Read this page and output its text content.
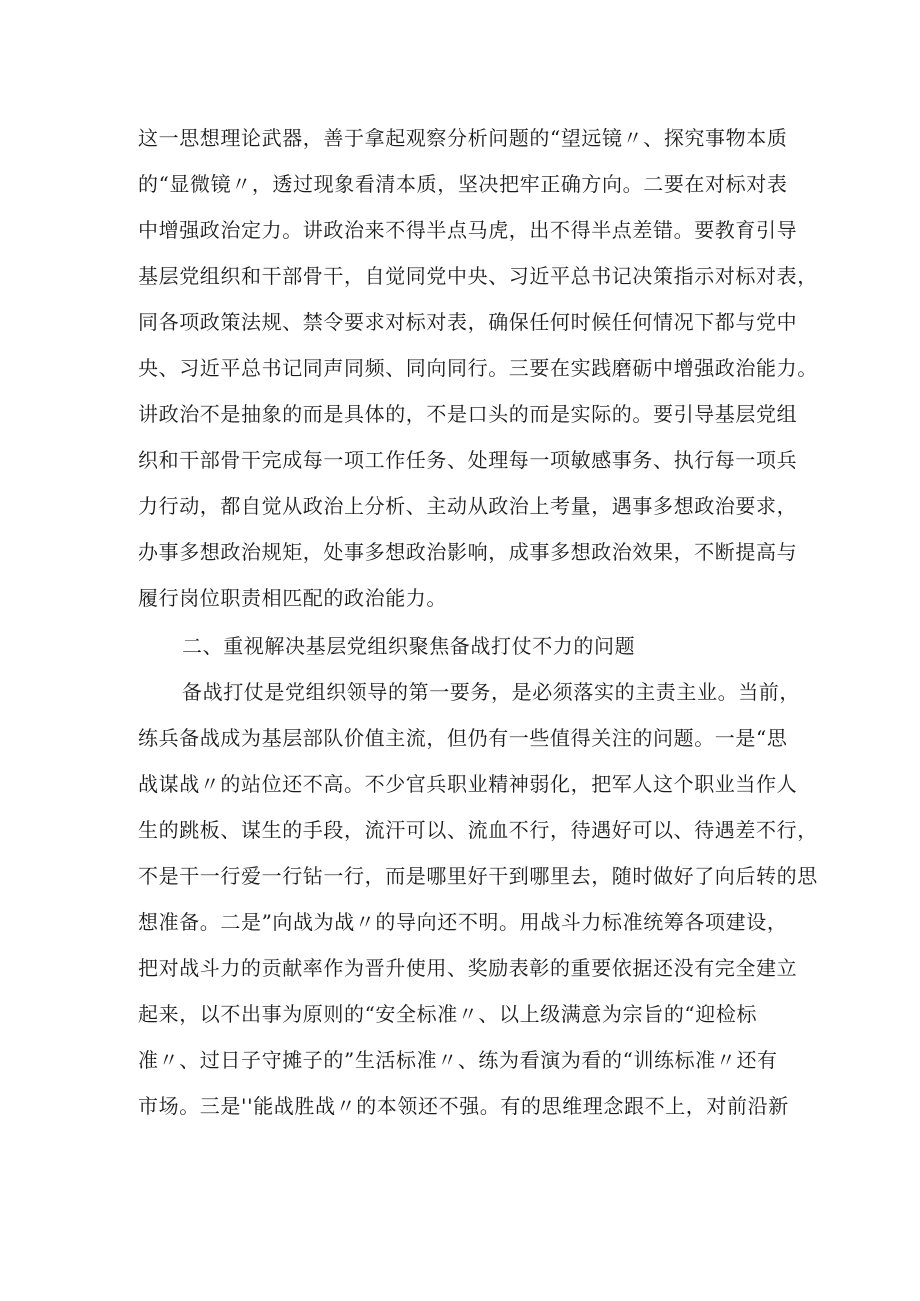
这一思想理论武器，善于拿起观察分析问题的“望远镜〃、探究事物本质
的“显微镜〃，透过现象看清本质，坚决把牢正确方向。二要在对标对表
中增强政治定力。讲政治来不得半点马虎，出不得半点差错。要教育引导
基层党组织和干部骨干，自觉同党中央、习近平总书记决策指示对标对表，
同各项政策法规、禁令要求对标对表，确保任何时候任何情况下都与党中
央、习近平总书记同声同频、同向同行。三要在实践磨砺中增强政治能力。
讲政治不是抽象的而是具体的，不是口头的而是实际的。要引导基层党组
织和干部骨干完成每一项工作任务、处理每一项敏感事务、执行每一项兵
力行动，都自觉从政治上分析、主动从政治上考量，遇事多想政治要求，
办事多想政治规矩，处事多想政治影响，成事多想政治效果，不断提高与
履行岗位职责相匹配的政治能力。
二、重视解决基层党组织聚焦备战打仗不力的问题
备战打仗是党组织领导的第一要务，是必须落实的主责主业。当前，
练兵备战成为基层部队价值主流，但仍有一些值得关注的问题。一是“思
战谋战〃的站位还不高。不少官兵职业精神弱化，把军人这个职业当作人
生的跳板、谋生的手段，流汗可以、流血不行，待遇好可以、待遇差不行，
不是干一行爱一行钻一行，而是哪里好干到哪里去，随时做好了向后转的思
想准备。二是”向战为战〃的导向还不明。用战斗力标准统筹各项建设，
把对战斗力的贡献率作为晋升使用、奖励表彰的重要依据还没有完全建立
起来，以不出事为原则的“安全标准〃、以上级满意为宗旨的“迎检标
准〃、过日子守摊子的”生活标准〃、练为看演为看的“训练标准〃还有
市场。三是''能战胜战〃的本领还不强。有的思维理念跟不上，对前沿新
